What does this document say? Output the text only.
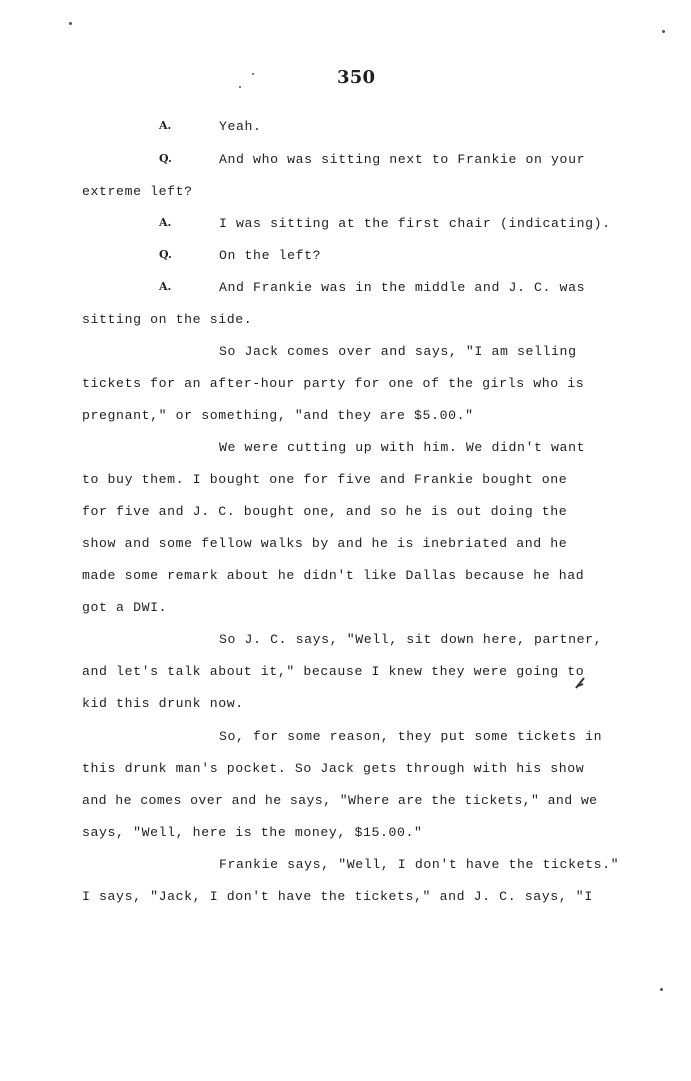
350
A.	Yeah.
Q.	And who was sitting next to Frankie on your
extreme left?
A.	I was sitting at the first chair (indicating).
Q.	On the left?
A.	And Frankie was in the middle and J. C. was
sitting on the side.
So Jack comes over and says, "I am selling
tickets for an after-hour party for one of the girls who is
pregnant," or something, "and they are $5.00."
We were cutting up with him. We didn't want
to buy them. I bought one for five and Frankie bought one
for five and J. C. bought one, and so he is out doing the
show and some fellow walks by and he is inebriated and he
made some remark about he didn't like Dallas because he had
got a DWI.
So J. C. says, "Well, sit down here, partner,
and let's talk about it," because I knew they were going to
kid this drunk now.
So, for some reason, they put some tickets in
this drunk man's pocket. So Jack gets through with his show
and he comes over and he says, "Where are the tickets," and we
says, "Well, here is the money, $15.00."
Frankie says, "Well, I don't have the tickets."
I says, "Jack, I don't have the tickets," and J. C. says, "I
